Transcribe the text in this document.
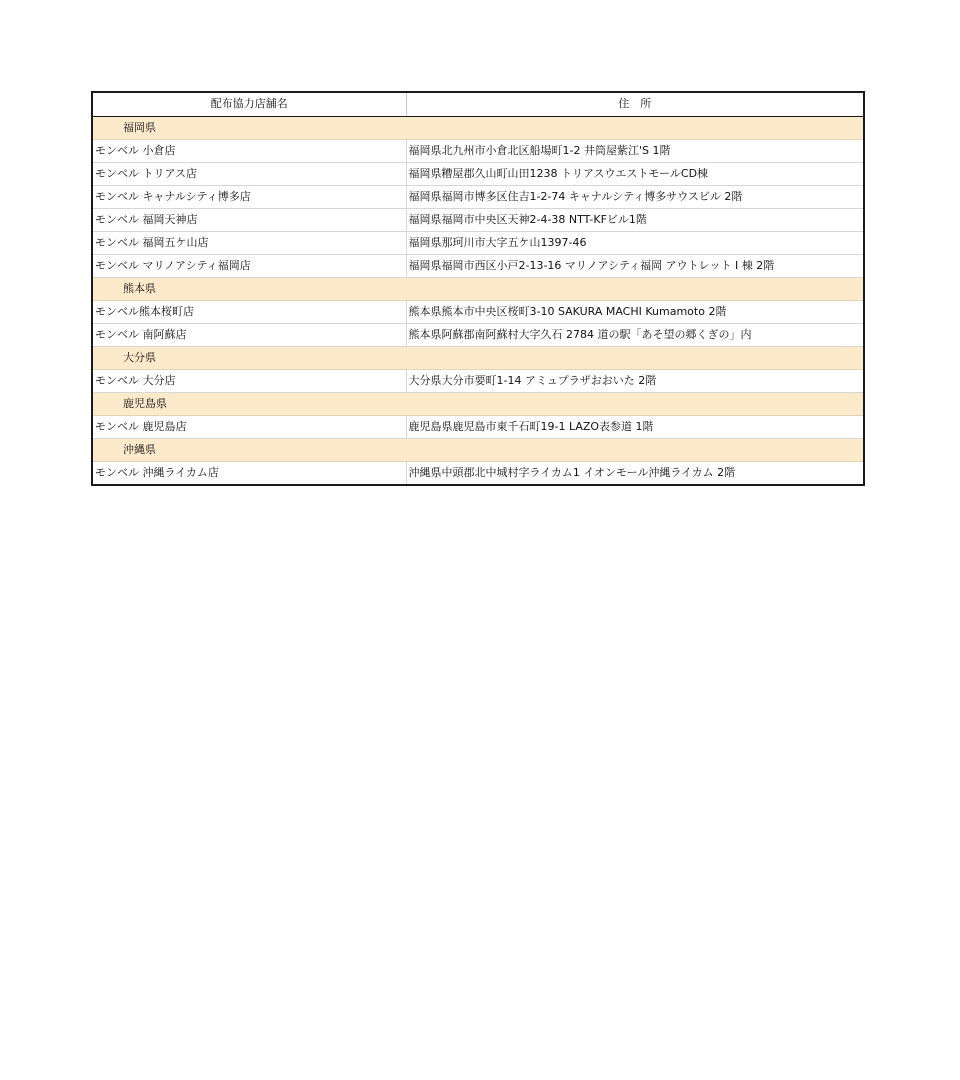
配布協力店舗名	住　所
福岡県	
モンベル 小倉店	福岡県北九州市小倉北区船場町1-2 井筒屋紫江'S 1階
モンベル トリアス店	福岡県糟屋郡久山町山田1238 トリアスウエストモールCD棟
モンベル キャナルシティ博多店	福岡県福岡市博多区住吉1-2-74 キャナルシティ博多サウスビル 2階
モンベル 福岡天神店	福岡県福岡市中央区天神2-4-38 NTT-KFビル1階
モンベル 福岡五ケ山店	福岡県那珂川市大字五ケ山1397-46
モンベル マリノアシティ福岡店	福岡県福岡市西区小戸2-13-16 マリノアシティ福岡 アウトレット I 棟 2階
熊本県	
モンベル熊本桜町店	熊本県熊本市中央区桜町3-10 SAKURA MACHI Kumamoto 2階
モンベル 南阿蘇店	熊本県阿蘇郡南阿蘇村大字久石 2784 道の駅「あそ望の郷くぎの」内
大分県	
モンベル 大分店	大分県大分市要町1-14 アミュプラザおおいた 2階
鹿児島県	
モンベル 鹿児島店	鹿児島県鹿児島市東千石町19-1 LAZO表参道 1階
沖縄県	
モンベル 沖縄ライカム店	沖縄県中頭郡北中城村字ライカム1 イオンモール沖縄ライカム 2階
